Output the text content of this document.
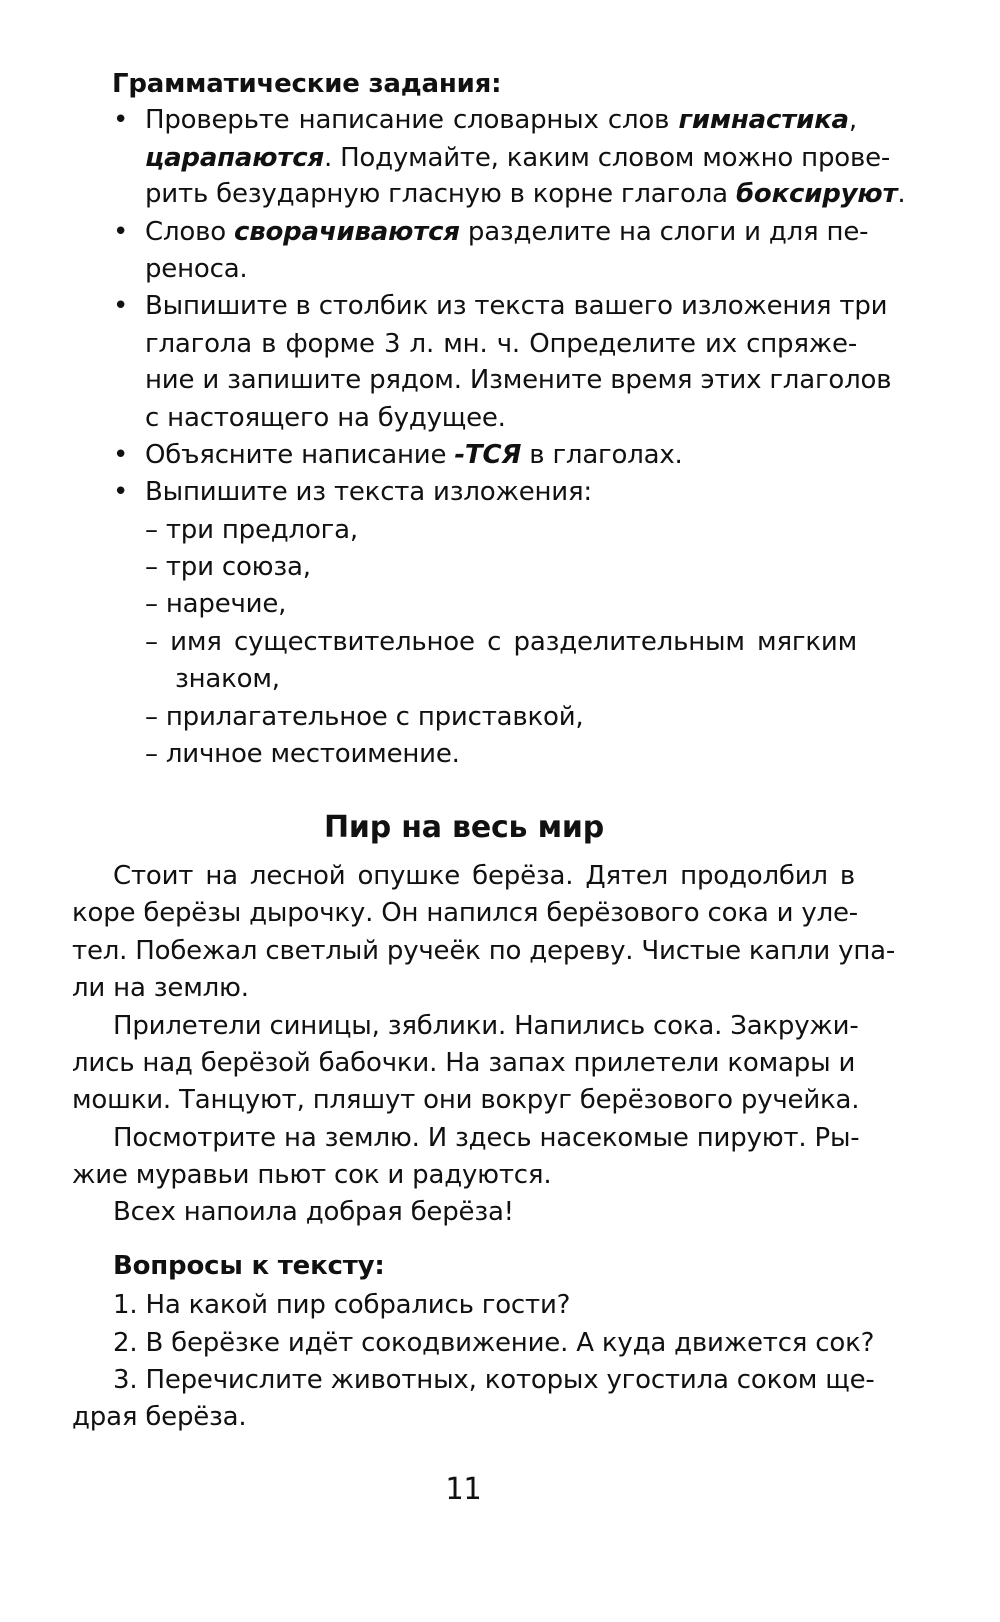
Грамматические задания:
• Проверьте написание словарных слов гимнастика,
царапаются. Подумайте, каким словом можно прове-
рить безударную гласную в корне глагола боксируют.
• Слово сворачиваются разделите на слоги и для пе-
реноса.
• Выпишите в столбик из текста вашего изложения три
глагола в форме 3 л. мн. ч. Определите их спряже-
ние и запишите рядом. Измените время этих глаголов
с настоящего на будущее.
• Объясните написание -ТСЯ в глаголах.
• Выпишите из текста изложения:
– три предлога,
– три союза,
– наречие,
– имя существительное с разделительным мягким
знаком,
– прилагательное с приставкой,
– личное местоимение.
Пир на весь мир
Стоит на лесной опушке берёза. Дятел продолбил в
коре берёзы дырочку. Он напился берёзового сока и уле-
тел. Побежал светлый ручеёк по дереву. Чистые капли упа-
ли на землю.
Прилетели синицы, зяблики. Напились сока. Закружи-
лись над берёзой бабочки. На запах прилетели комары и
мошки. Танцуют, пляшут они вокруг берёзового ручейка.
Посмотрите на землю. И здесь насекомые пируют. Ры-
жие муравьи пьют сок и радуются.
Всех напоила добрая берёза!
Вопросы к тексту:
1. На какой пир собрались гости?
2. В берёзке идёт сокодвижение. А куда движется сок?
3. Перечислите животных, которых угостила соком ще-
драя берёза.
11
